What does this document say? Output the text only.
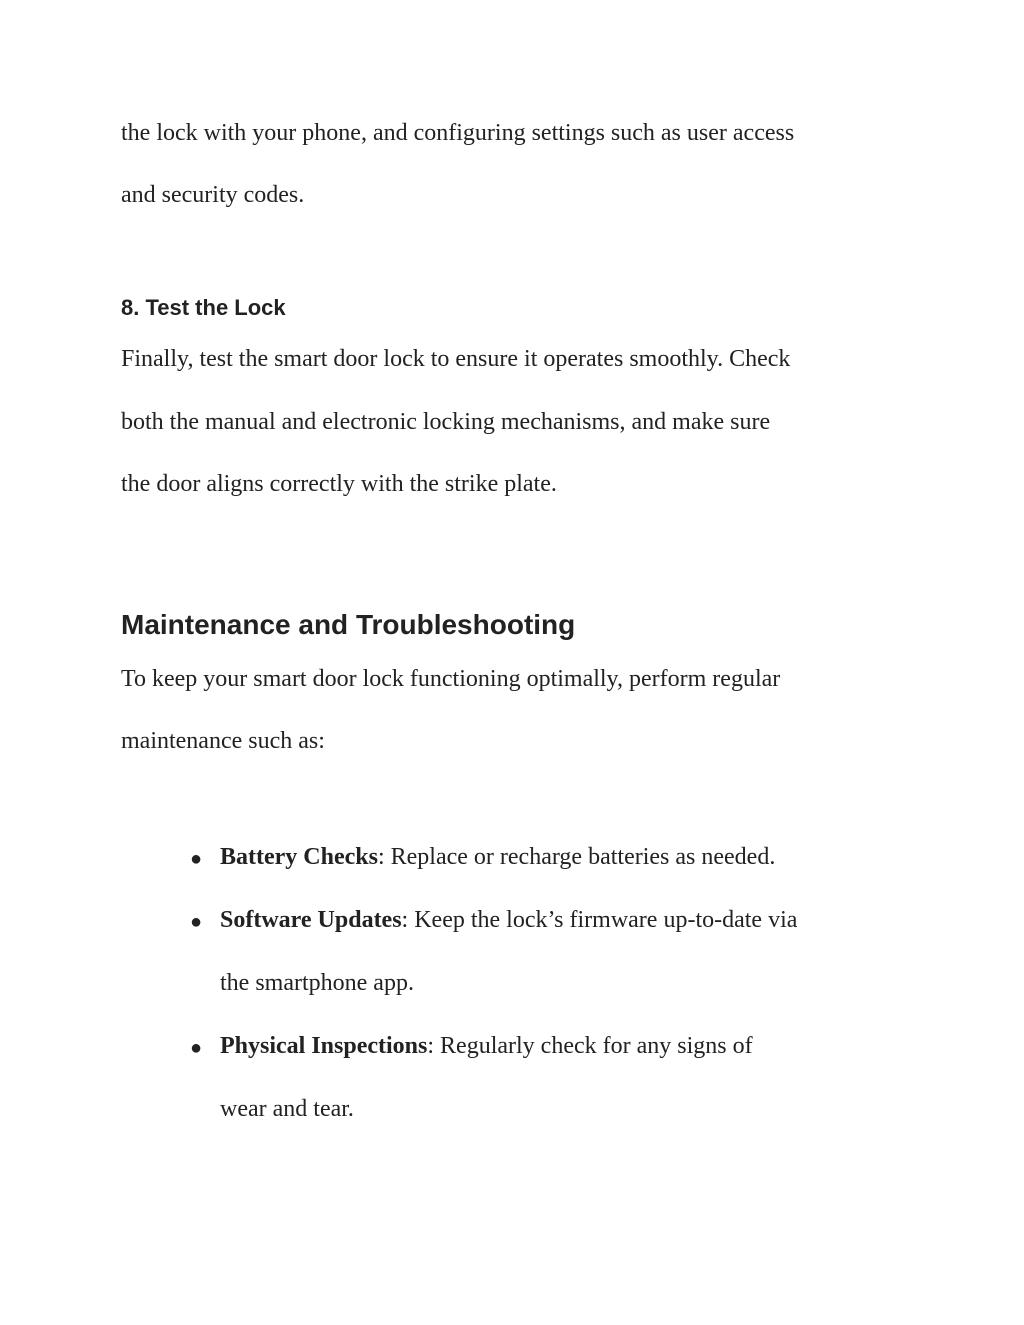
the lock with your phone, and configuring settings such as user access
and security codes.
8. Test the Lock
Finally, test the smart door lock to ensure it operates smoothly. Check
both the manual and electronic locking mechanisms, and make sure
the door aligns correctly with the strike plate.
Maintenance and Troubleshooting
To keep your smart door lock functioning optimally, perform regular
maintenance such as:
● Battery Checks: Replace or recharge batteries as needed.
● Software Updates: Keep the lock’s firmware up-to-date via
the smartphone app.
● Physical Inspections: Regularly check for any signs of
wear and tear.
